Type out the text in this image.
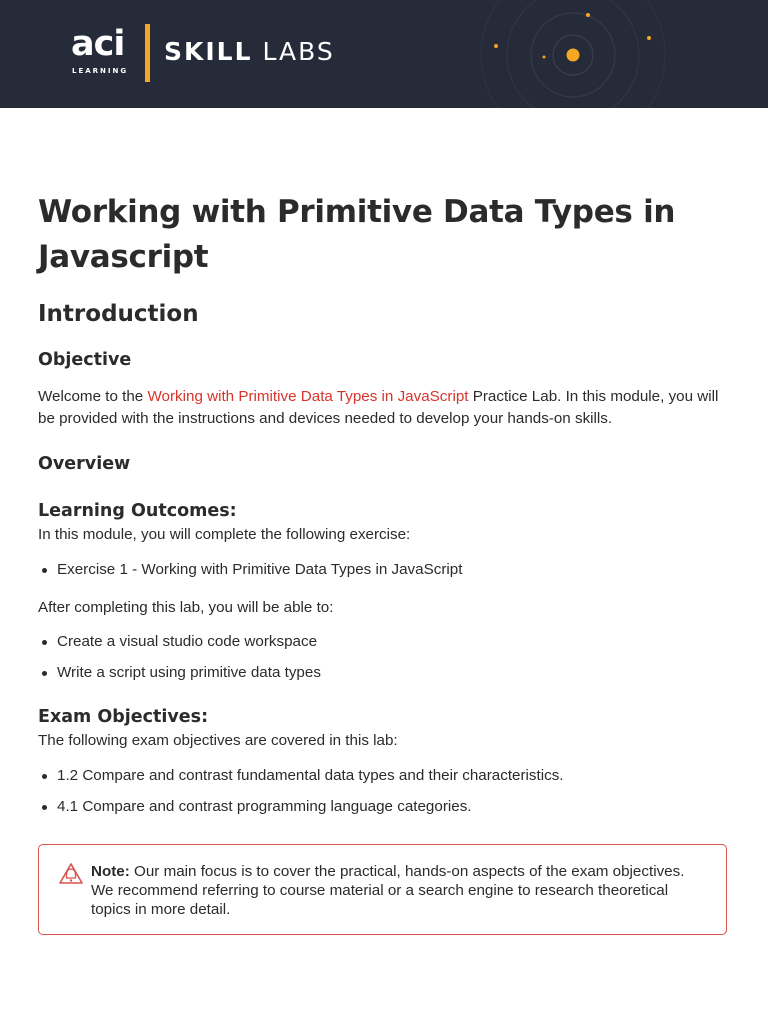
aci
LEARNING
SKILL LABS
Working with Primitive Data Types in Javascript
Introduction
Objective

Welcome to the Working with Primitive Data Types in JavaScript Practice Lab. In this module, you will be provided with the instructions and devices needed to develop your hands-on skills.

Overview
Learning Outcomes:

In this module, you will complete the following exercise:

Exercise 1 - Working with Primitive Data Types in JavaScript

After completing this lab, you will be able to:

Create a visual studio code workspace
Write a script using primitive data types
Exam Objectives:

The following exam objectives are covered in this lab:

1.2 Compare and contrast fundamental data types and their characteristics.
4.1 Compare and contrast programming language categories.
Note: Our main focus is to cover the practical, hands-on aspects of the exam objectives. We recommend referring to course material or a search engine to research theoretical topics in more detail.
